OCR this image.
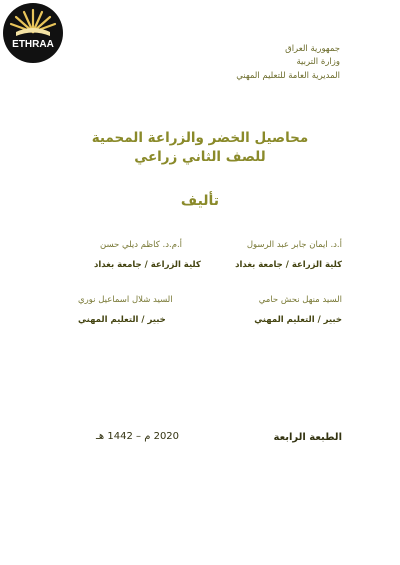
ETHRAA	جمهورية العراق
وزارة التربية
المديرية العامة للتعليم المهني
محاصيل الخضر والزراعة المحمية
للصف الثاني زراعي
تأليف
أ.د. ايمان جابر عبد الرسول
كلية الزراعة / جامعة بغداد
أ.م.د. كاظم ديلي حسن
كلية الزراعة / جامعة بغداد
السيد منهل نحش حامي
خبير / التعليم المهني
السيد شلال اسماعيل نوري
خبير / التعليم المهني
الطبعة الرابعة
2020 م – 1442 هـ
